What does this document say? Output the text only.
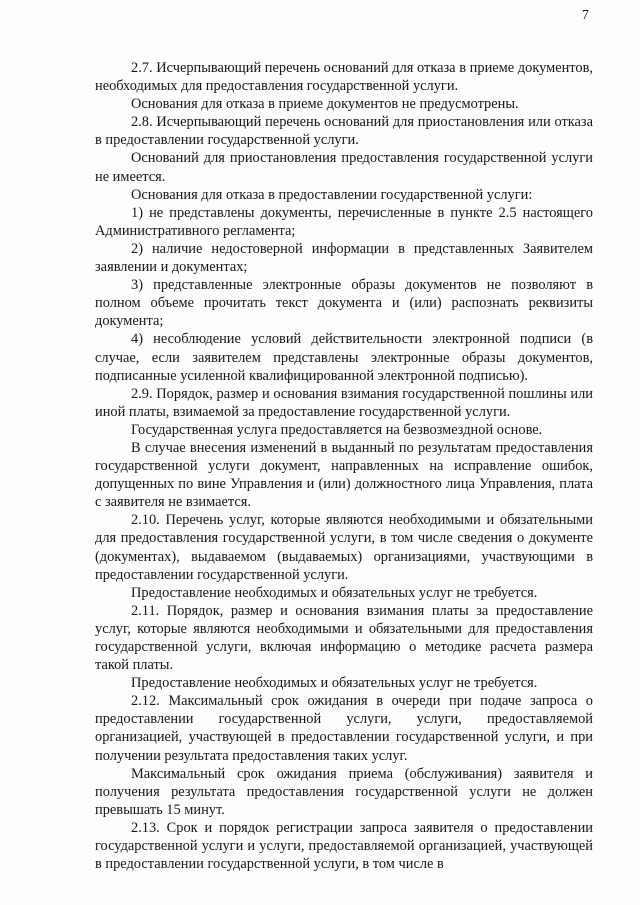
7

2.7. Исчерпывающий перечень оснований для отказа в приеме документов, необходимых для предоставления государственной услуги.

Основания для отказа в приеме документов не предусмотрены.

2.8. Исчерпывающий перечень оснований для приостановления или отказа в предоставлении государственной услуги.

Оснований для приостановления предоставления государственной услуги не имеется.

Основания для отказа в предоставлении государственной услуги:

1) не представлены документы, перечисленные в пункте 2.5 настоящего Административного регламента;

2) наличие недостоверной информации в представленных Заявителем заявлении и документах;

3) представленные электронные образы документов не позволяют в полном объеме прочитать текст документа и (или) распознать реквизиты документа;

4) несоблюдение условий действительности электронной подписи (в случае, если заявителем представлены электронные образы документов, подписанные усиленной квалифицированной электронной подписью).

2.9. Порядок, размер и основания взимания государственной пошлины или иной платы, взимаемой за предоставление государственной услуги.

Государственная услуга предоставляется на безвозмездной основе.

В случае внесения изменений в выданный по результатам предоставления государственной услуги документ, направленных на исправление ошибок, допущенных по вине Управления и (или) должностного лица Управления, плата с заявителя не взимается.

2.10. Перечень услуг, которые являются необходимыми и обязательными для предоставления государственной услуги, в том числе сведения о документе (документах), выдаваемом (выдаваемых) организациями, участвующими в предоставлении государственной услуги.

Предоставление необходимых и обязательных услуг не требуется.

2.11. Порядок, размер и основания взимания платы за предоставление услуг, которые являются необходимыми и обязательными для предоставления государственной услуги, включая информацию о методике расчета размера такой платы.

Предоставление необходимых и обязательных услуг не требуется.

2.12. Максимальный срок ожидания в очереди при подаче запроса о предоставлении государственной услуги, услуги, предоставляемой организацией, участвующей в предоставлении государственной услуги, и при получении результата предоставления таких услуг.

Максимальный срок ожидания приема (обслуживания) заявителя и получения результата предоставления государственной услуги не должен превышать 15 минут.

2.13. Срок и порядок регистрации запроса заявителя о предоставлении государственной услуги и услуги, предоставляемой организацией, участвующей в предоставлении государственной услуги, в том числе в
